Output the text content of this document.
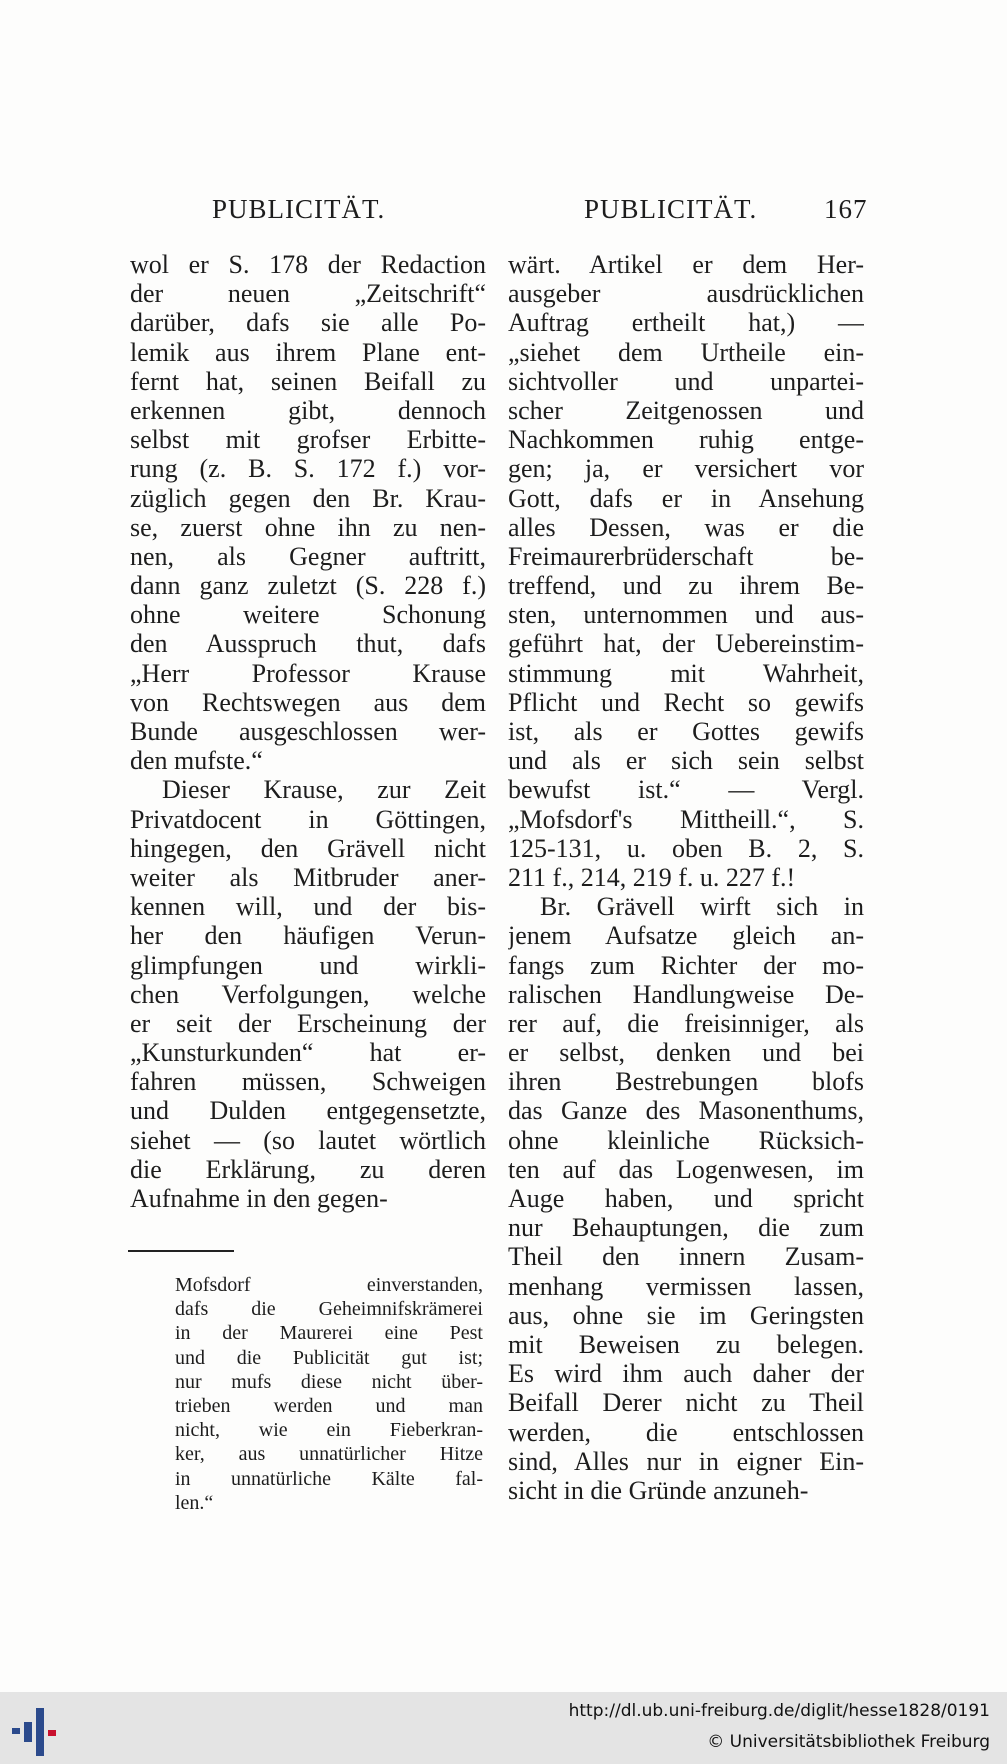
PUBLICITÄT.	PUBLICITÄT. 167
wol er S. 178 der Redaction
der neuen „Zeitschrift“
darüber, dafs sie alle Po-
lemik aus ihrem Plane ent-
fernt hat, seinen Beifall zu
erkennen gibt, dennoch
selbst mit grofser Erbitte-
rung (z. B. S. 172 f.) vor-
züglich gegen den Br. Krau-
se, zuerst ohne ihn zu nen-
nen, als Gegner auftritt,
dann ganz zuletzt (S. 228 f.)
ohne weitere Schonung
den Ausspruch thut, dafs
„Herr Professor Krause
von Rechtswegen aus dem
Bunde ausgeschlossen wer-
den mufste.“
Dieser Krause, zur Zeit
Privatdocent in Göttingen,
hingegen, den Grävell nicht
weiter als Mitbruder aner-
kennen will, und der bis-
her den häufigen Verun-
glimpfungen und wirkli-
chen Verfolgungen, welche
er seit der Erscheinung der
„Kunsturkunden“ hat er-
fahren müssen, Schweigen
und Dulden entgegensetzte,
siehet — (so lautet wörtlich
die Erklärung, zu deren
Aufnahme in den gegen-
wärt. Artikel er dem Her-
ausgeber ausdrücklichen
Auftrag ertheilt hat,) —
„siehet dem Urtheile ein-
sichtvoller und unpartei-
scher Zeitgenossen und
Nachkommen ruhig entge-
gen; ja, er versichert vor
Gott, dafs er in Ansehung
alles Dessen, was er die
Freimaurerbrüderschaft be-
treffend, und zu ihrem Be-
sten, unternommen und aus-
geführt hat, der Uebereinstim-
stimmung mit Wahrheit,
Pflicht und Recht so gewifs
ist, als er Gottes gewifs
und als er sich sein selbst
bewufst ist.“ — Vergl.
„Mofsdorf's Mittheill.“, S.
125-131, u. oben B. 2, S.
211 f., 214, 219 f. u. 227 f.!
Br. Grävell wirft sich in
jenem Aufsatze gleich an-
fangs zum Richter der mo-
ralischen Handlungweise De-
rer auf, die freisinniger, als
er selbst, denken und bei
ihren Bestrebungen blofs
das Ganze des Masonenthums,
ohne kleinliche Rücksich-
ten auf das Logenwesen, im
Auge haben, und spricht
nur Behauptungen, die zum
Theil den innern Zusam-
menhang vermissen lassen,
aus, ohne sie im Geringsten
mit Beweisen zu belegen.
Es wird ihm auch daher der
Beifall Derer nicht zu Theil
werden, die entschlossen
sind, Alles nur in eigner Ein-
sicht in die Gründe anzuneh-
Mofsdorf einverstanden,
dafs die Geheimnifskrämerei
in der Maurerei eine Pest
und die Publicität gut ist;
nur mufs diese nicht über-
trieben werden und man
nicht, wie ein Fieberkran-
ker, aus unnatürlicher Hitze
in unnatürliche Kälte fal-
len.“
http://dl.ub.uni-freiburg.de/diglit/hesse1828/0191
© Universitätsbibliothek Freiburg
